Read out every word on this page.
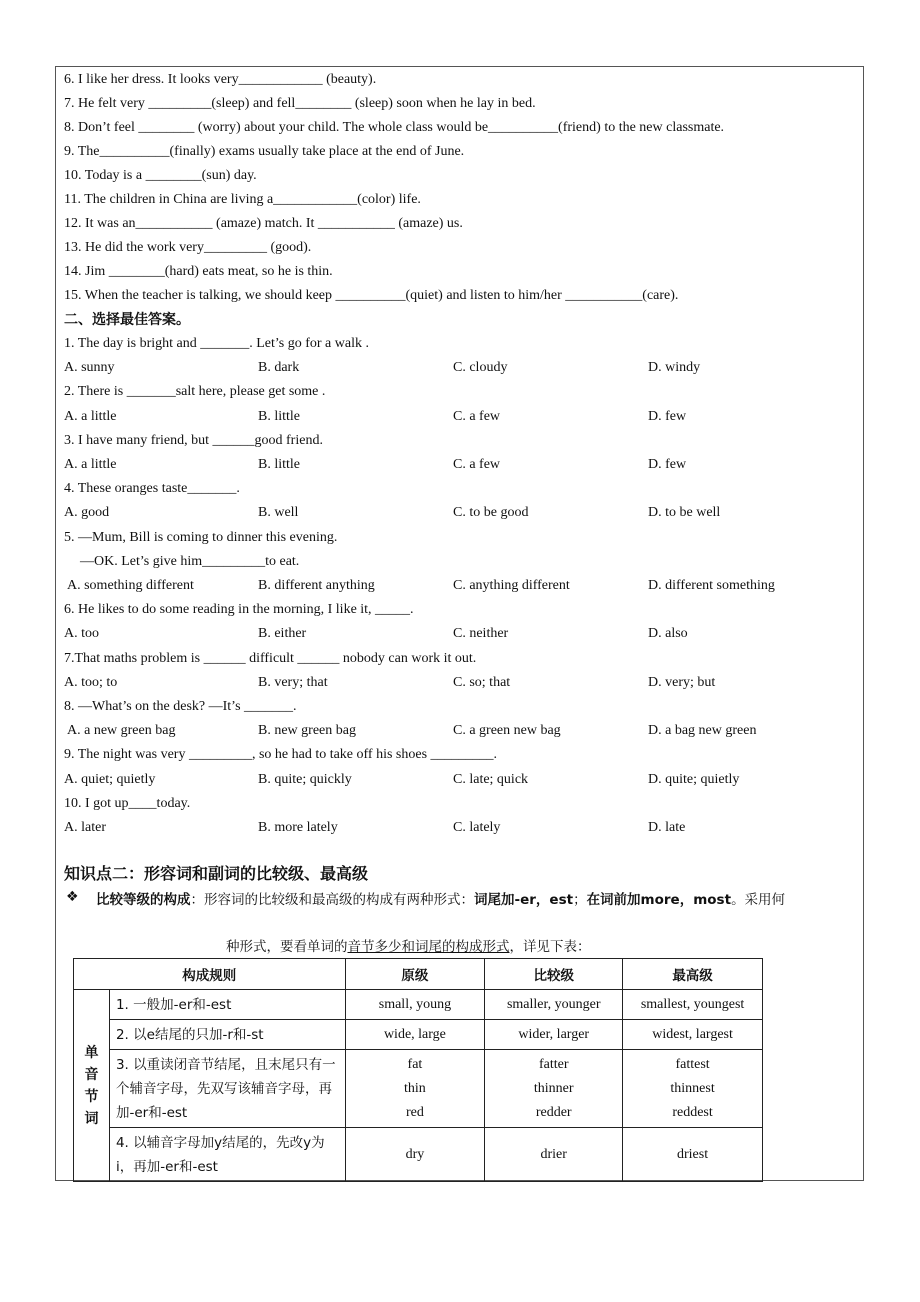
6. I like her dress. It looks very____________ (beauty).
7. He felt very _________(sleep) and fell________ (sleep) soon when he lay in bed.
8. Don’t feel ________ (worry) about your child. The whole class would be__________(friend) to the new classmate.
9. The__________(finally) exams usually take place at the end of June.
10. Today is a ________(sun) day.
11. The children in China are living a____________(color) life.
12. It was an___________ (amaze) match. It ___________ (amaze) us.
13. He did the work very_________ (good).
14. Jim ________(hard) eats meat, so he is thin.
15. When the teacher is talking, we should keep __________(quiet) and listen to him/her ___________(care).
二、选择最佳答案。
1. The day is bright and _______. Let’s go for a walk .
A. sunny	B. dark	C. cloudy	D. windy
2. There is _______salt here, please get some .
A. a little	B. little	C. a few	D. few
3. I have many friend, but ______good friend.
A. a little	B. little	C. a few	D. few
4. These oranges taste_______.
A. good	B. well	C. to be good	D. to be well
5. —Mum, Bill is coming to dinner this evening.
—OK. Let’s give him_________to eat.
A. something different	B. different anything	C. anything different	D. different something
6. He likes to do some reading in the morning, I like it, _____.
A. too	B. either	C. neither	D. also
7.That maths problem is ______ difficult ______ nobody can work it out.
A. too; to	B. very; that	C. so; that	D. very; but
8. —What’s on the desk? —It’s _______.
A. a new green bag	B. new green bag	C. a green new bag	D. a bag new green
9. The night was very _________, so he had to take off his shoes _________.
A. quiet; quietly	B. quite; quickly	C. late; quick	D. quite; quietly
10. I got up____today.
A. later	B. more lately	C. lately	D. late
知识点二：形容词和副词的比较级、最高级
❖ 比较等级的构成：形容词的比较级和最高级的构成有两种形式：词尾加-er，est；在词前加more，most。采用何
种形式，要看单词的音节多少和词尾的构成形式，详见下表：
构成规则		原级	比较级	最高级

单
音
节
词	1. 一般加-er和-est	small, young	smaller, younger	smallest, youngest

	2. 以e结尾的只加-r和-st	wide, large	wider, larger	widest, largest

	3. 以重读闭音节结尾，且末尾只有一个辅音字母，先双写该辅音字母，再加-er和-est	fat
thin
red	fatter
thinner
redder	fattest
thinnest
reddest

	4. 以辅音字母加y结尾的，先改y为i，再加-er和-est	dry	drier	driest
